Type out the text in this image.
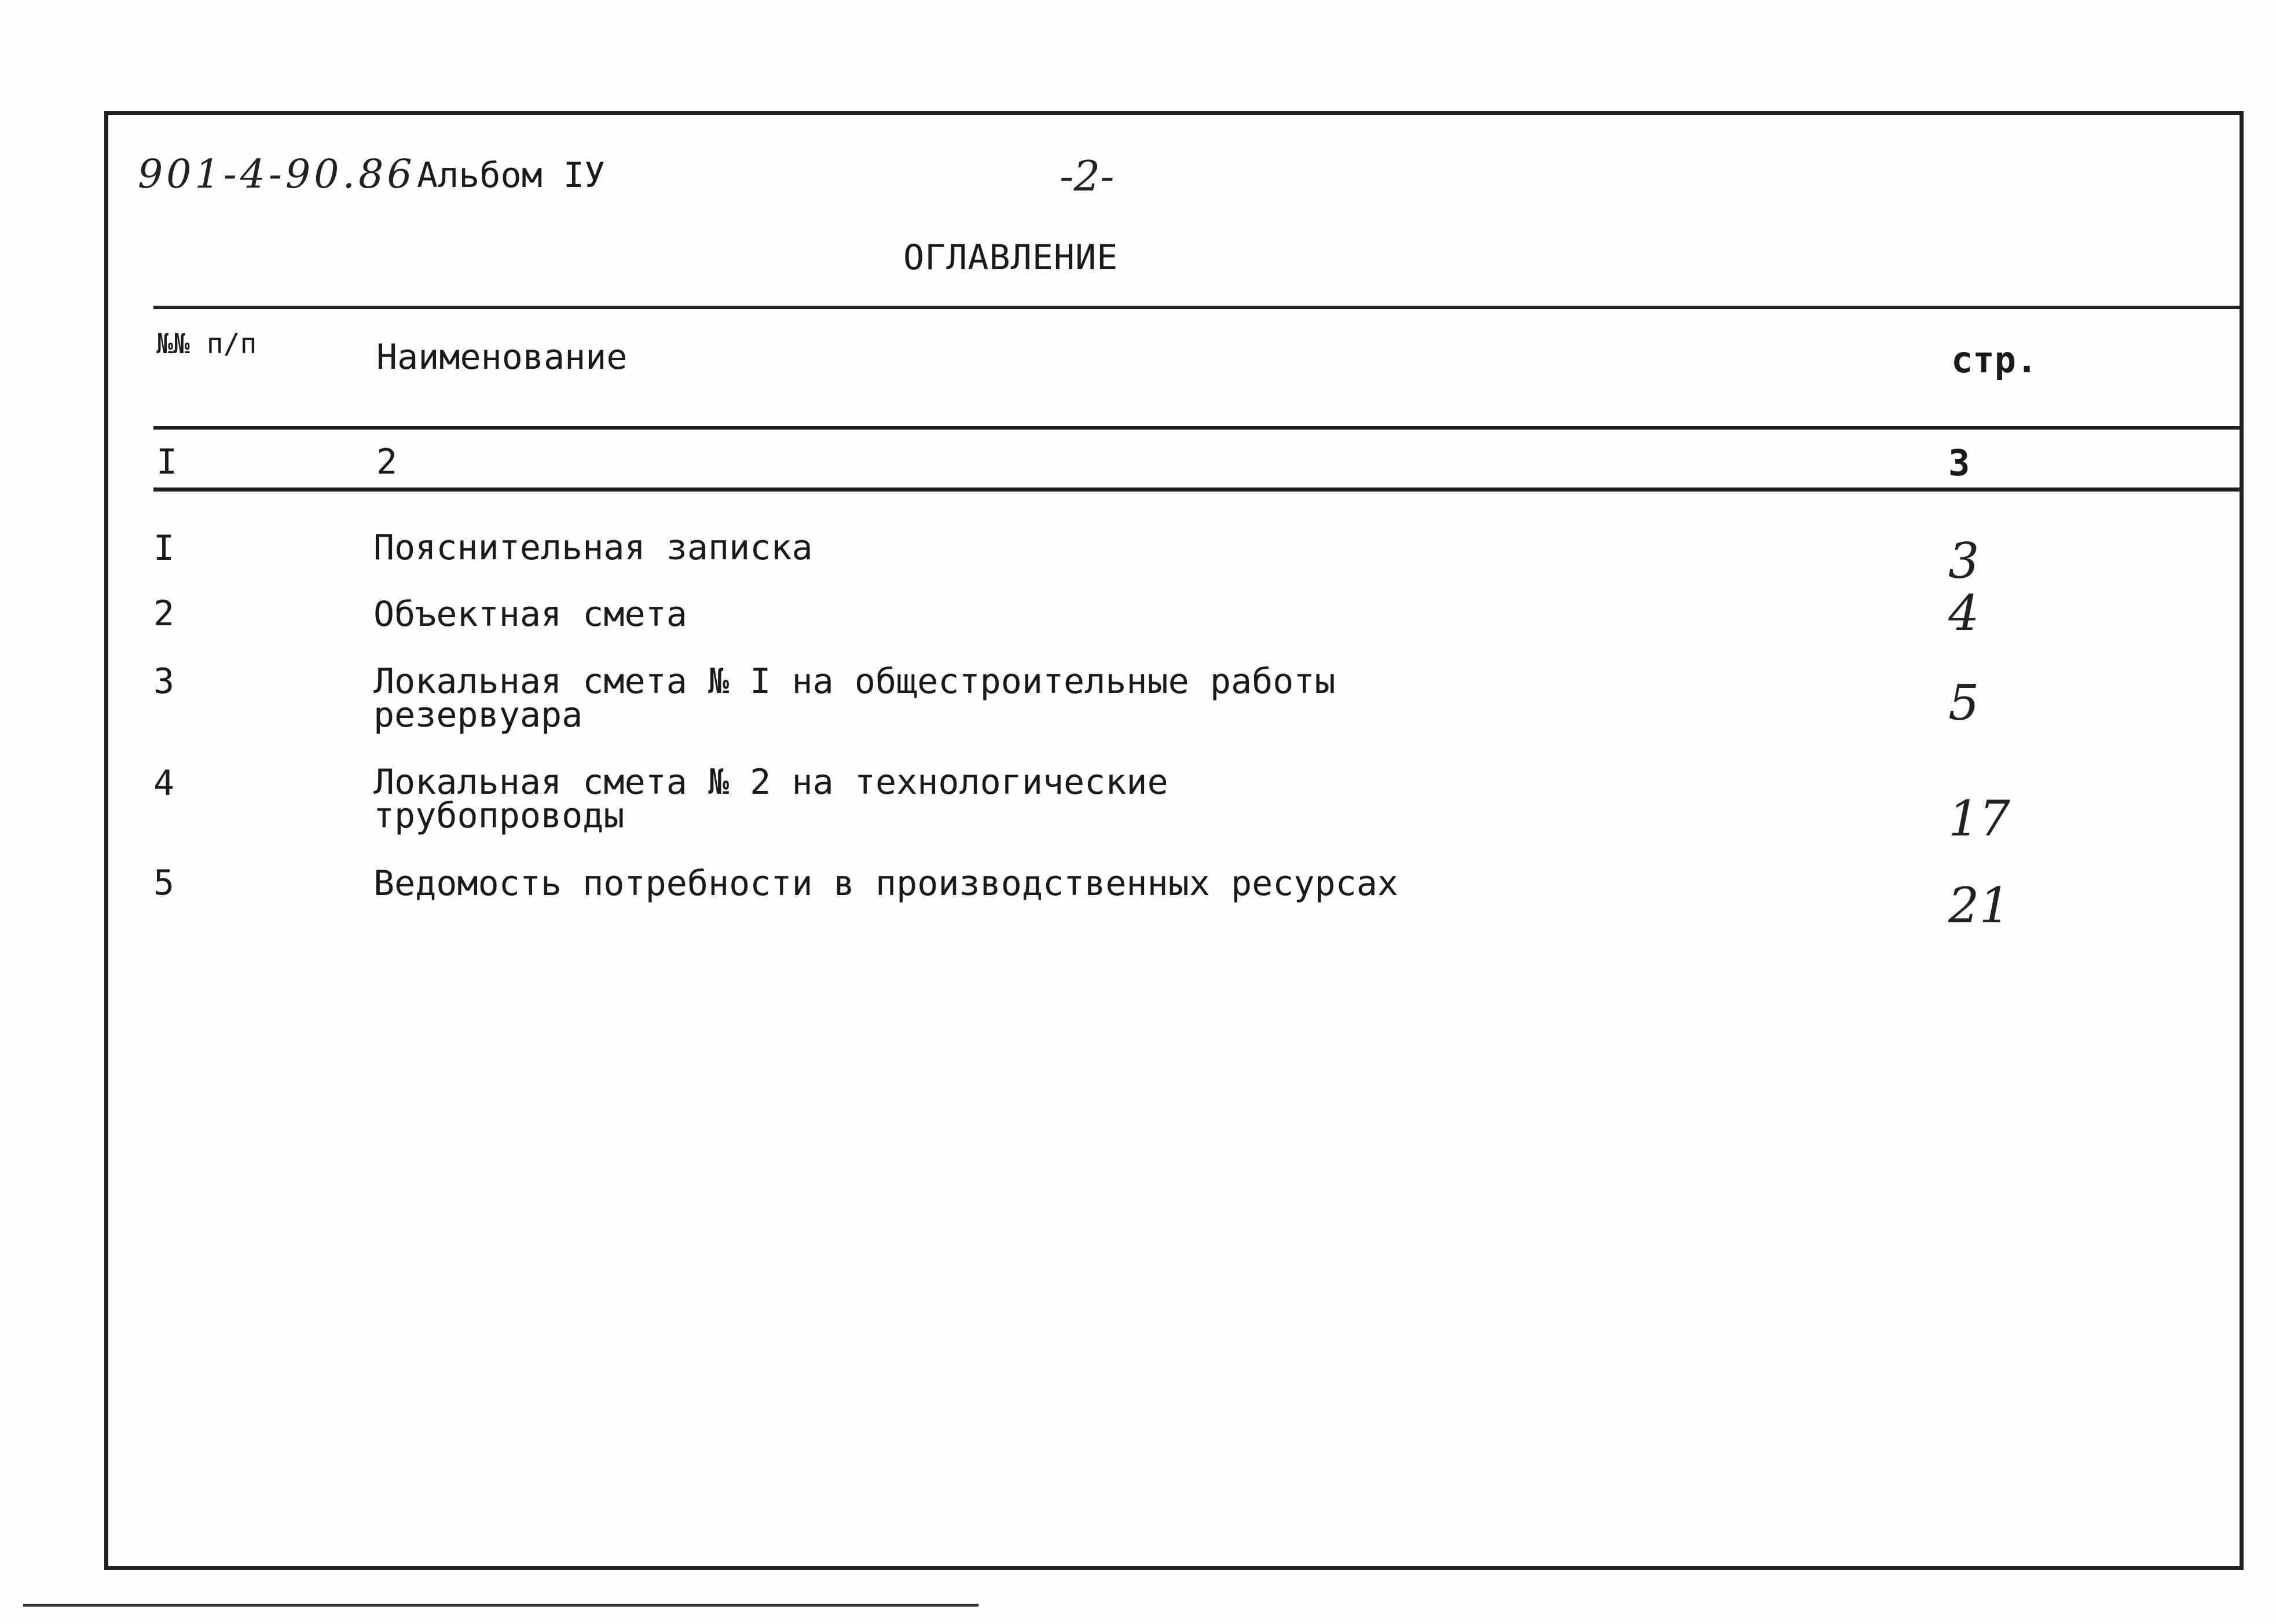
901-4-90.86 Альбом IУ	-2-
ОГЛАВЛЕНИЕ
№№ п/п	Наименование	стр.
I	2	3
I	Пояснительная записка	3
2	Объектная смета	4
3	Локальная смета № I на общестроительные работы резервуара	5
4	Локальная смета № 2 на технологические трубопроводы	17
5	Ведомость потребности в производственных ресурсах	21
